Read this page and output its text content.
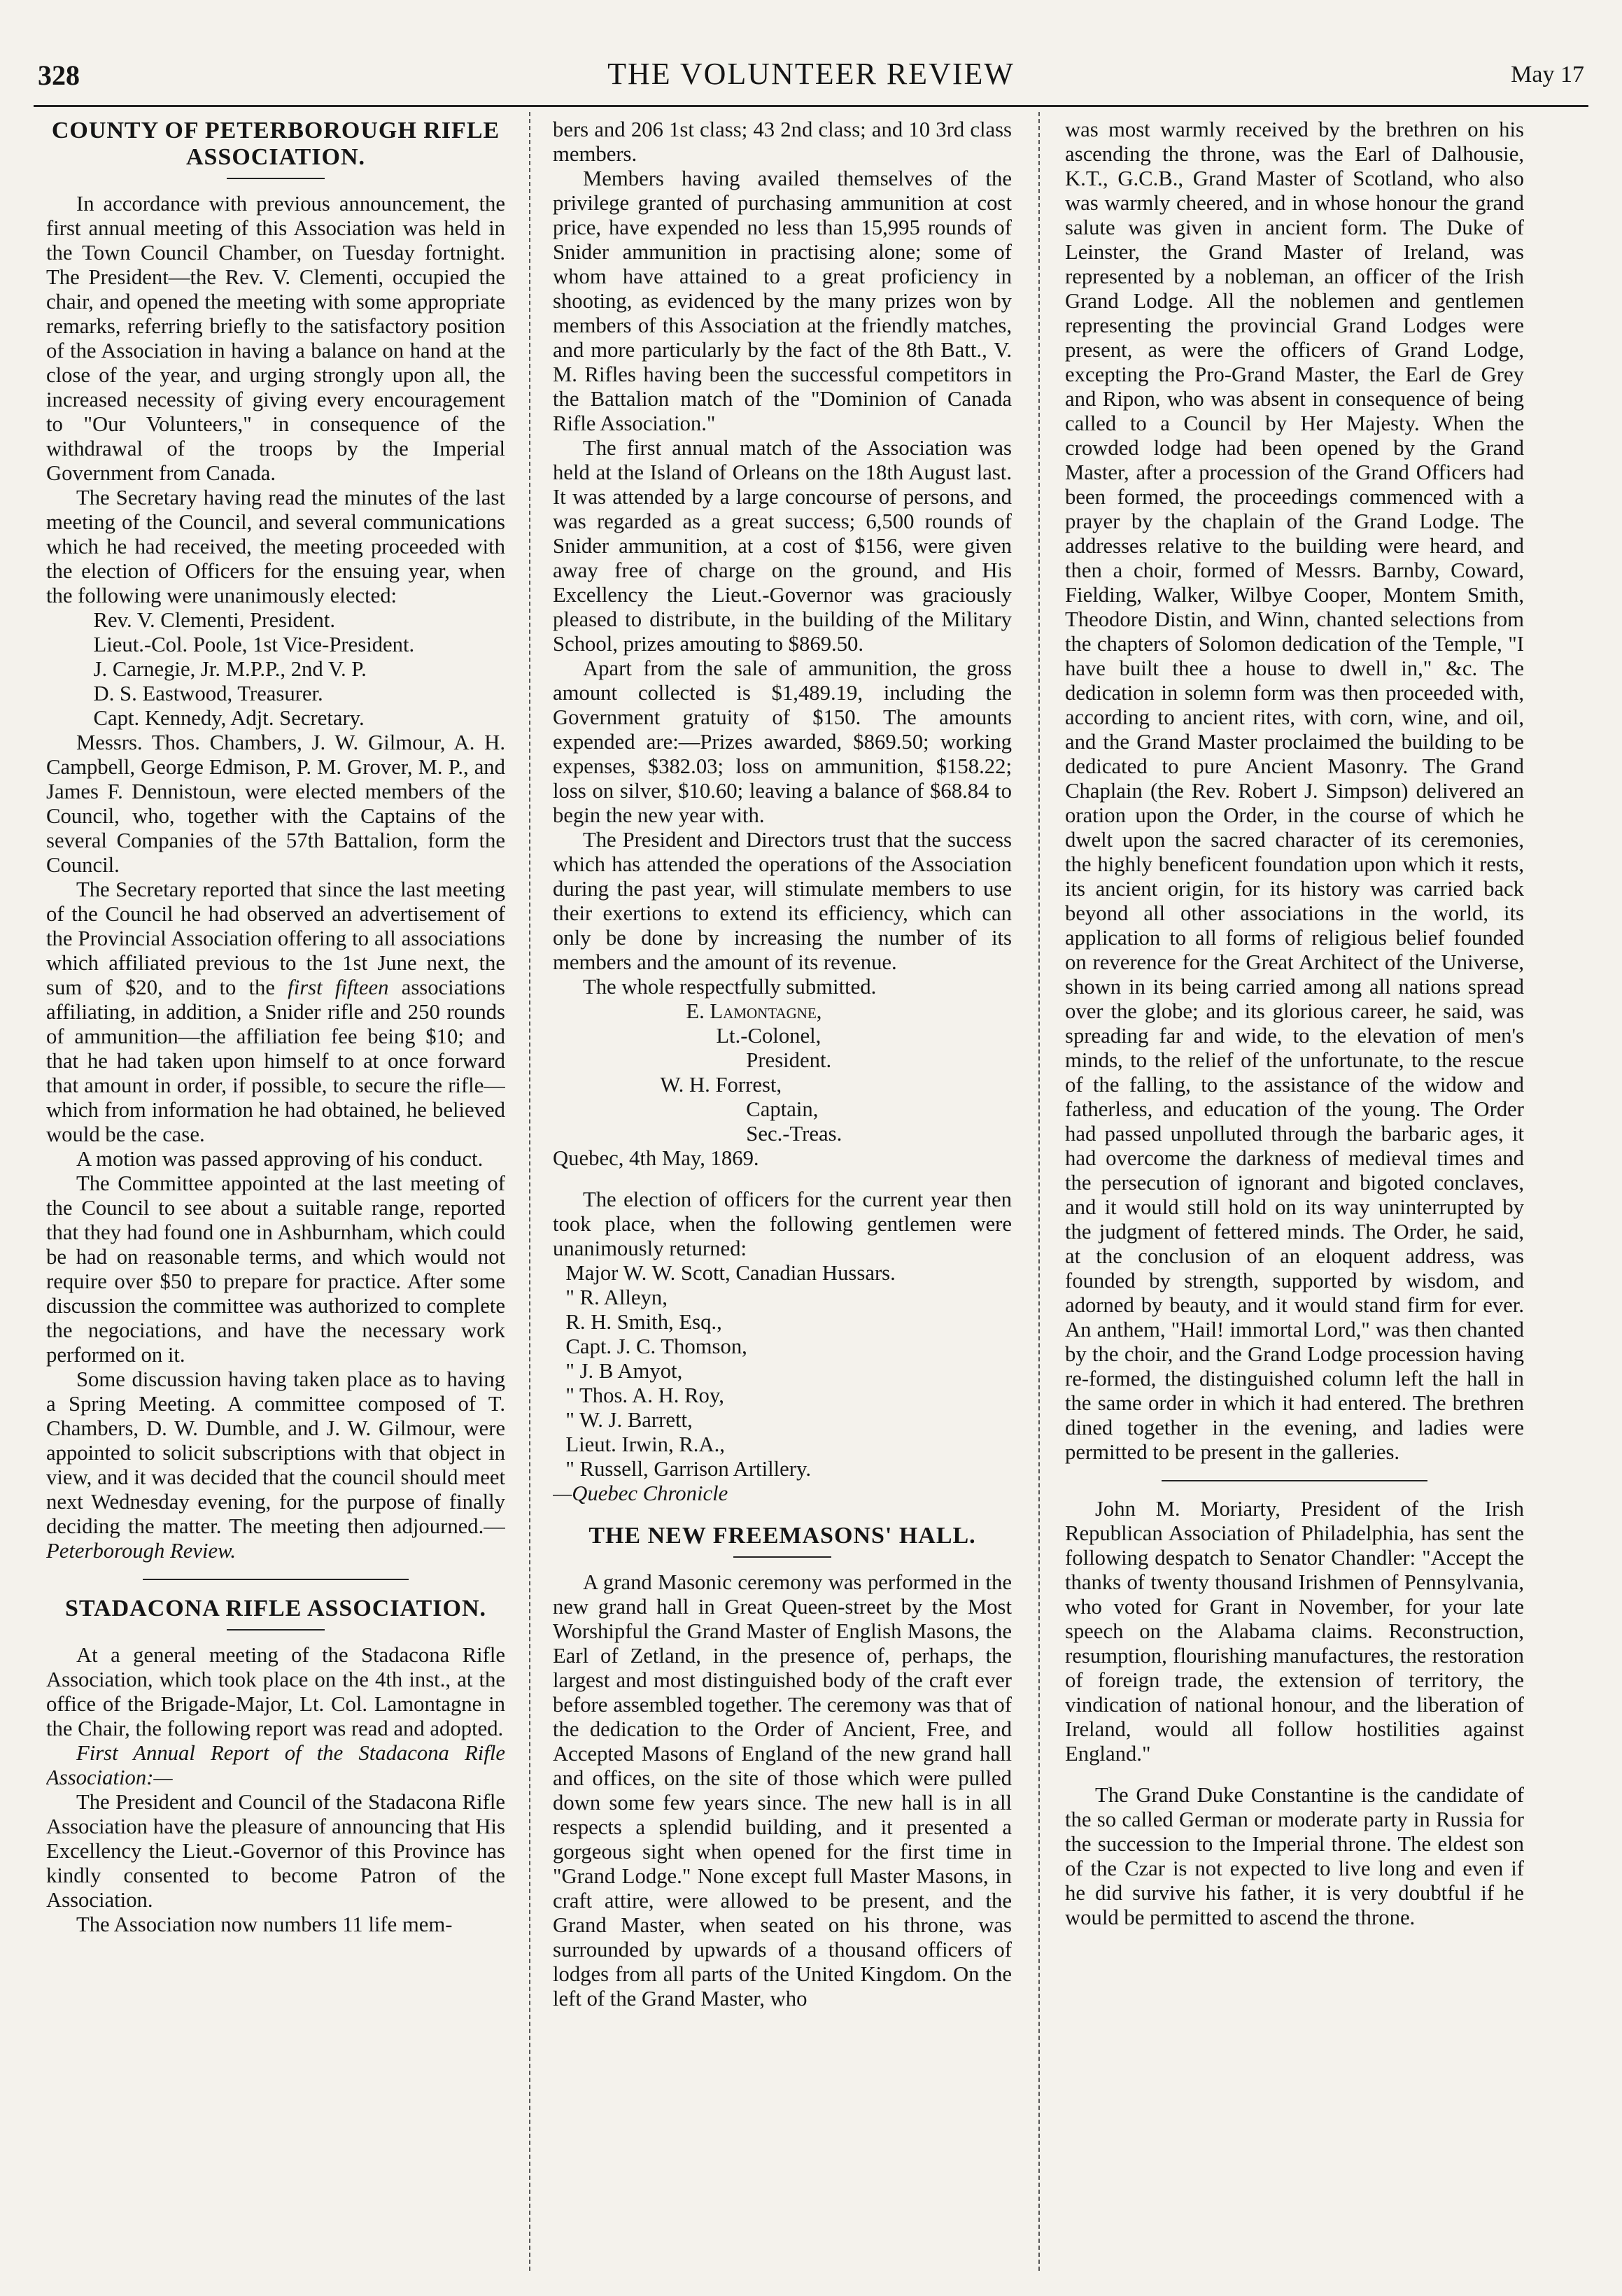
328	THE VOLUNTEER REVIEW	May 17
COUNTY OF PETERBOROUGH RIFLE ASSOCIATION.

In accordance with previous announcement, the first annual meeting of this Association was held in the Town Council Chamber, on Tuesday fortnight. The President—the Rev. V. Clementi, occupied the chair, and opened the meeting with some appropriate remarks, referring briefly to the satisfactory position of the Association in having a balance on hand at the close of the year, and urging strongly upon all, the increased necessity of giving every encouragement to "Our Volunteers," in consequence of the withdrawal of the troops by the Imperial Government from Canada.

The Secretary having read the minutes of the last meeting of the Council, and several communications which he had received, the meeting proceeded with the election of Officers for the ensuing year, when the following were unanimously elected:

Rev. V. Clementi, President.

Lieut.-Col. Poole, 1st Vice-President.

J. Carnegie, Jr. M.P.P., 2nd V. P.

D. S. Eastwood, Treasurer.

Capt. Kennedy, Adjt. Secretary.

Messrs. Thos. Chambers, J. W. Gilmour, A. H. Campbell, George Edmison, P. M. Grover, M. P., and James F. Dennistoun, were elected members of the Council, who, together with the Captains of the several Companies of the 57th Battalion, form the Council.

The Secretary reported that since the last meeting of the Council he had observed an advertisement of the Provincial Association offering to all associations which affiliated previous to the 1st June next, the sum of $20, and to the first fifteen associations affiliating, in addition, a Snider rifle and 250 rounds of ammunition—the affiliation fee being $10; and that he had taken upon himself to at once forward that amount in order, if possible, to secure the rifle—which from information he had obtained, he believed would be the case.

A motion was passed approving of his conduct.

The Committee appointed at the last meeting of the Council to see about a suitable range, reported that they had found one in Ashburnham, which could be had on reasonable terms, and which would not require over $50 to prepare for practice. After some discussion the committee was authorized to complete the negociations, and have the necessary work performed on it.

Some discussion having taken place as to having a Spring Meeting. A committee composed of T. Chambers, D. W. Dumble, and J. W. Gilmour, were appointed to solicit subscriptions with that object in view, and it was decided that the council should meet next Wednesday evening, for the purpose of finally deciding the matter. The meeting then adjourned.—Peterborough Review.

STADACONA RIFLE ASSOCIATION.

At a general meeting of the Stadacona Rifle Association, which took place on the 4th inst., at the office of the Brigade-Major, Lt. Col. Lamontagne in the Chair, the following report was read and adopted.

First Annual Report of the Stadacona Rifle Association:—

The President and Council of the Stadacona Rifle Association have the pleasure of announcing that His Excellency the Lieut.-Governor of this Province has kindly consented to become Patron of the Association.

The Association now numbers 11 life mem-

bers and 206 1st class; 43 2nd class; and 10 3rd class members.

Members having availed themselves of the privilege granted of purchasing ammunition at cost price, have expended no less than 15,995 rounds of Snider ammunition in practising alone; some of whom have attained to a great proficiency in shooting, as evidenced by the many prizes won by members of this Association at the friendly matches, and more particularly by the fact of the 8th Batt., V. M. Rifles having been the successful competitors in the Battalion match of the "Dominion of Canada Rifle Association."

The first annual match of the Association was held at the Island of Orleans on the 18th August last. It was attended by a large concourse of persons, and was regarded as a great success; 6,500 rounds of Snider ammunition, at a cost of $156, were given away free of charge on the ground, and His Excellency the Lieut.-Governor was graciously pleased to distribute, in the building of the Military School, prizes amouting to $869.50.

Apart from the sale of ammunition, the gross amount collected is $1,489.19, including the Government gratuity of $150. The amounts expended are:—Prizes awarded, $869.50; working expenses, $382.03; loss on ammunition, $158.22; loss on silver, $10.60; leaving a balance of $68.84 to begin the new year with.

The President and Directors trust that the success which has attended the operations of the Association during the past year, will stimulate members to use their exertions to extend its efficiency, which can only be done by increasing the number of its members and the amount of its revenue.

The whole respectfully submitted.

E. Lamontagne,

Lt.-Colonel,

President.

W. H. Forrest,

Captain,

Sec.-Treas.

Quebec, 4th May, 1869.

The election of officers for the current year then took place, when the following gentlemen were unanimously returned:

Major W. W. Scott, Canadian Hussars.

" R. Alleyn,

R. H. Smith, Esq.,

Capt. J. C. Thomson,

" J. B Amyot,

" Thos. A. H. Roy,

" W. J. Barrett,

Lieut. Irwin, R.A.,

" Russell, Garrison Artillery.

—Quebec Chronicle

THE NEW FREEMASONS' HALL.

A grand Masonic ceremony was performed in the new grand hall in Great Queen-street by the Most Worshipful the Grand Master of English Masons, the Earl of Zetland, in the presence of, perhaps, the largest and most distinguished body of the craft ever before assembled together. The ceremony was that of the dedication to the Order of Ancient, Free, and Accepted Masons of England of the new grand hall and offices, on the site of those which were pulled down some few years since. The new hall is in all respects a splendid building, and it presented a gorgeous sight when opened for the first time in "Grand Lodge." None except full Master Masons, in craft attire, were allowed to be present, and the Grand Master, when seated on his throne, was surrounded by upwards of a thousand officers of lodges from all parts of the United Kingdom. On the left of the Grand Master, who

was most warmly received by the brethren on his ascending the throne, was the Earl of Dalhousie, K.T., G.C.B., Grand Master of Scotland, who also was warmly cheered, and in whose honour the grand salute was given in ancient form. The Duke of Leinster, the Grand Master of Ireland, was represented by a nobleman, an officer of the Irish Grand Lodge. All the noblemen and gentlemen representing the provincial Grand Lodges were present, as were the officers of Grand Lodge, excepting the Pro-Grand Master, the Earl de Grey and Ripon, who was absent in consequence of being called to a Council by Her Majesty. When the crowded lodge had been opened by the Grand Master, after a procession of the Grand Officers had been formed, the proceedings commenced with a prayer by the chaplain of the Grand Lodge. The addresses relative to the building were heard, and then a choir, formed of Messrs. Barnby, Coward, Fielding, Walker, Wilbye Cooper, Montem Smith, Theodore Distin, and Winn, chanted selections from the chapters of Solomon dedication of the Temple, "I have built thee a house to dwell in," &c. The dedication in solemn form was then proceeded with, according to ancient rites, with corn, wine, and oil, and the Grand Master proclaimed the building to be dedicated to pure Ancient Masonry. The Grand Chaplain (the Rev. Robert J. Simpson) delivered an oration upon the Order, in the course of which he dwelt upon the sacred character of its ceremonies, the highly beneficent foundation upon which it rests, its ancient origin, for its history was carried back beyond all other associations in the world, its application to all forms of religious belief founded on reverence for the Great Architect of the Universe, shown in its being carried among all nations spread over the globe; and its glorious career, he said, was spreading far and wide, to the elevation of men's minds, to the relief of the unfortunate, to the rescue of the falling, to the assistance of the widow and fatherless, and education of the young. The Order had passed unpolluted through the barbaric ages, it had overcome the darkness of medieval times and the persecution of ignorant and bigoted conclaves, and it would still hold on its way uninterrupted by the judgment of fettered minds. The Order, he said, at the conclusion of an eloquent address, was founded by strength, supported by wisdom, and adorned by beauty, and it would stand firm for ever. An anthem, "Hail! immortal Lord," was then chanted by the choir, and the Grand Lodge procession having re-formed, the distinguished column left the hall in the same order in which it had entered. The brethren dined together in the evening, and ladies were permitted to be present in the galleries.

John M. Moriarty, President of the Irish Republican Association of Philadelphia, has sent the following despatch to Senator Chandler: "Accept the thanks of twenty thousand Irishmen of Pennsylvania, who voted for Grant in November, for your late speech on the Alabama claims. Reconstruction, resumption, flourishing manufactures, the restoration of foreign trade, the extension of territory, the vindication of national honour, and the liberation of Ireland, would all follow hostilities against England."

The Grand Duke Constantine is the candidate of the so called German or moderate party in Russia for the succession to the Imperial throne. The eldest son of the Czar is not expected to live long and even if he did survive his father, it is very doubtful if he would be permitted to ascend the throne.
